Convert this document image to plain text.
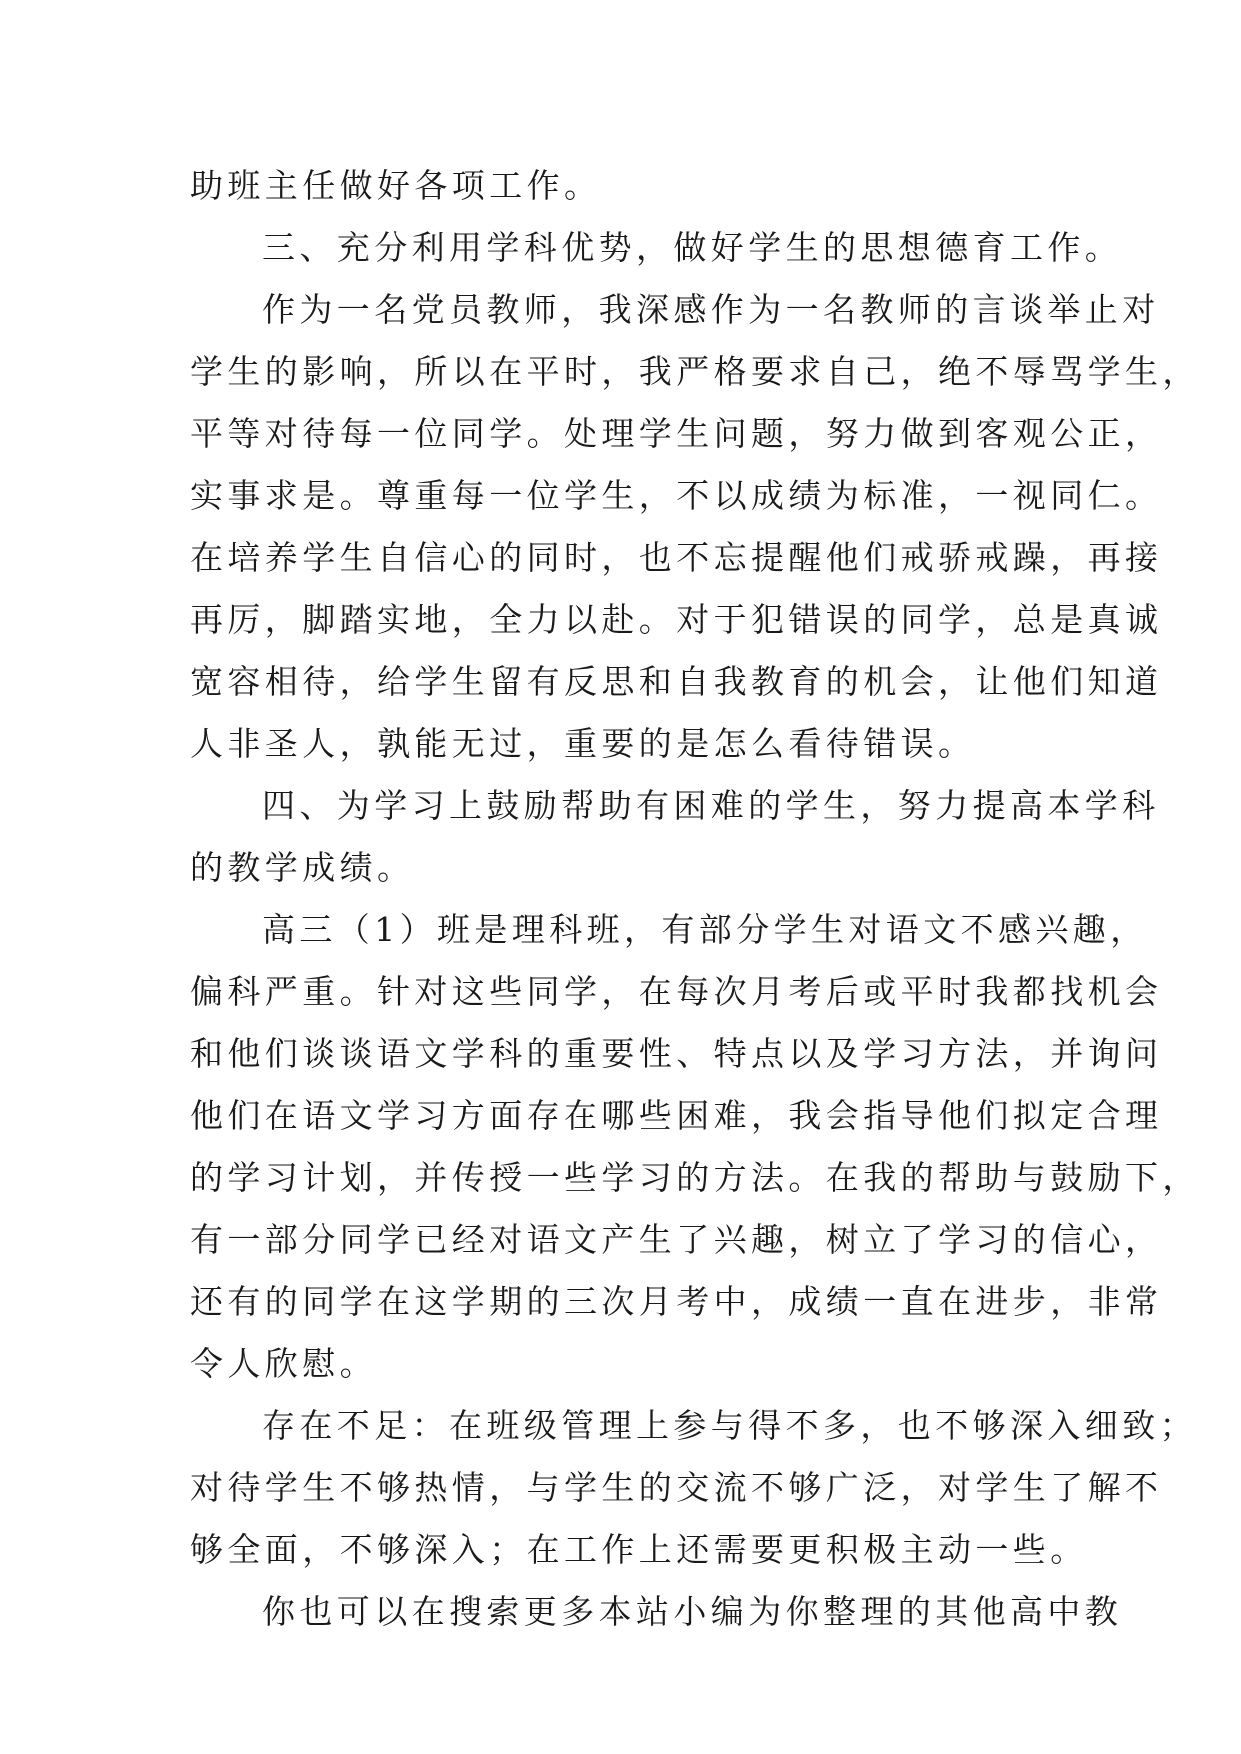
助班主任做好各项工作。
三、充分利用学科优势，做好学生的思想德育工作。
作为一名党员教师，我深感作为一名教师的言谈举止对
学生的影响，所以在平时，我严格要求自己，绝不辱骂学生，
平等对待每一位同学。处理学生问题，努力做到客观公正，
实事求是。尊重每一位学生，不以成绩为标准，一视同仁。
在培养学生自信心的同时，也不忘提醒他们戒骄戒躁，再接
再厉，脚踏实地，全力以赴。对于犯错误的同学，总是真诚
宽容相待，给学生留有反思和自我教育的机会，让他们知道
人非圣人，孰能无过，重要的是怎么看待错误。
四、为学习上鼓励帮助有困难的学生，努力提高本学科
的教学成绩。
高三（1）班是理科班，有部分学生对语文不感兴趣，
偏科严重。针对这些同学，在每次月考后或平时我都找机会
和他们谈谈语文学科的重要性、特点以及学习方法，并询问
他们在语文学习方面存在哪些困难，我会指导他们拟定合理
的学习计划，并传授一些学习的方法。在我的帮助与鼓励下，
有一部分同学已经对语文产生了兴趣，树立了学习的信心，
还有的同学在这学期的三次月考中，成绩一直在进步，非常
令人欣慰。
存在不足：在班级管理上参与得不多，也不够深入细致；
对待学生不够热情，与学生的交流不够广泛，对学生了解不
够全面，不够深入；在工作上还需要更积极主动一些。
你也可以在搜索更多本站小编为你整理的其他高中教
